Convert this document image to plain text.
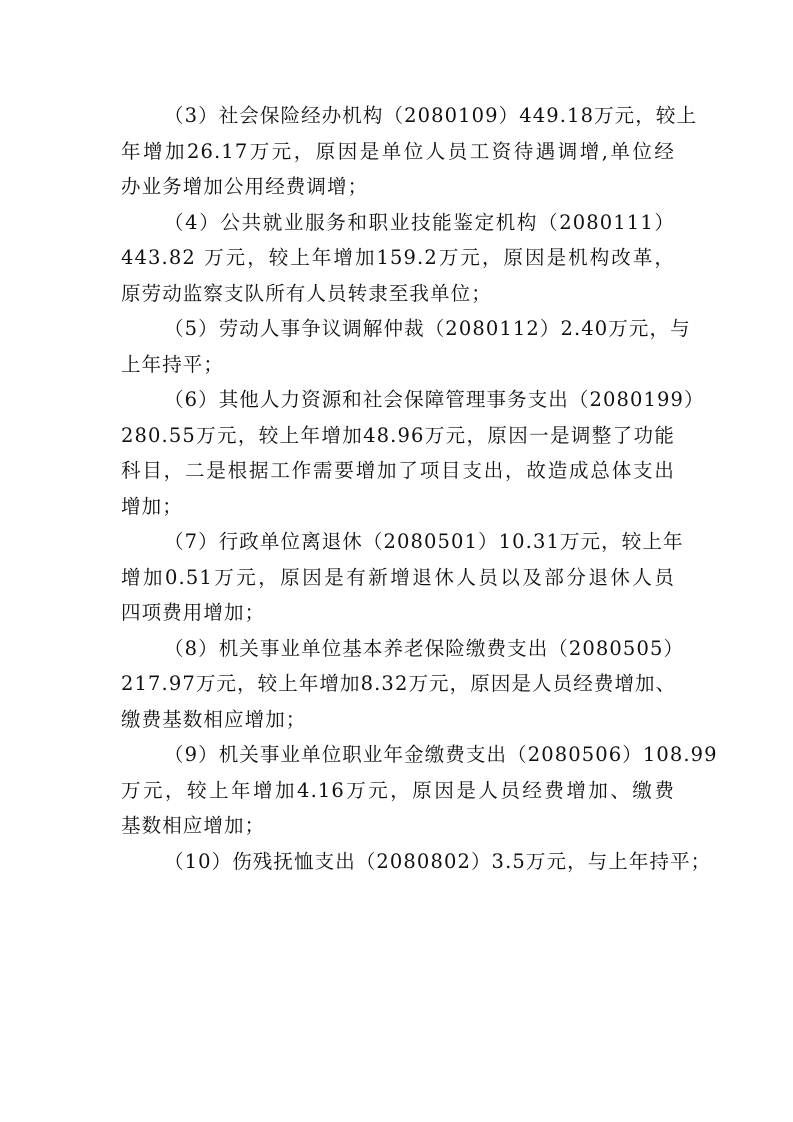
（3）社会保险经办机构（2080109）449.18万元，较上
年增加26.17万元，原因是单位人员工资待遇调增,单位经
办业务增加公用经费调增；
（4）公共就业服务和职业技能鉴定机构（2080111）
443.82 万元，较上年增加159.2万元，原因是机构改革，
原劳动监察支队所有人员转隶至我单位；
（5）劳动人事争议调解仲裁（2080112）2.40万元，与
上年持平；
（6）其他人力资源和社会保障管理事务支出（2080199）
280.55万元，较上年增加48.96万元，原因一是调整了功能
科目，二是根据工作需要增加了项目支出，故造成总体支出
增加；
（7）行政单位离退休（2080501）10.31万元，较上年
增加0.51万元，原因是有新增退休人员以及部分退休人员
四项费用增加；
（8）机关事业单位基本养老保险缴费支出（2080505）
217.97万元，较上年增加8.32万元，原因是人员经费增加、
缴费基数相应增加；
（9）机关事业单位职业年金缴费支出（2080506）108.99
万元，较上年增加4.16万元，原因是人员经费增加、缴费
基数相应增加；
（10）伤残抚恤支出（2080802）3.5万元，与上年持平；
